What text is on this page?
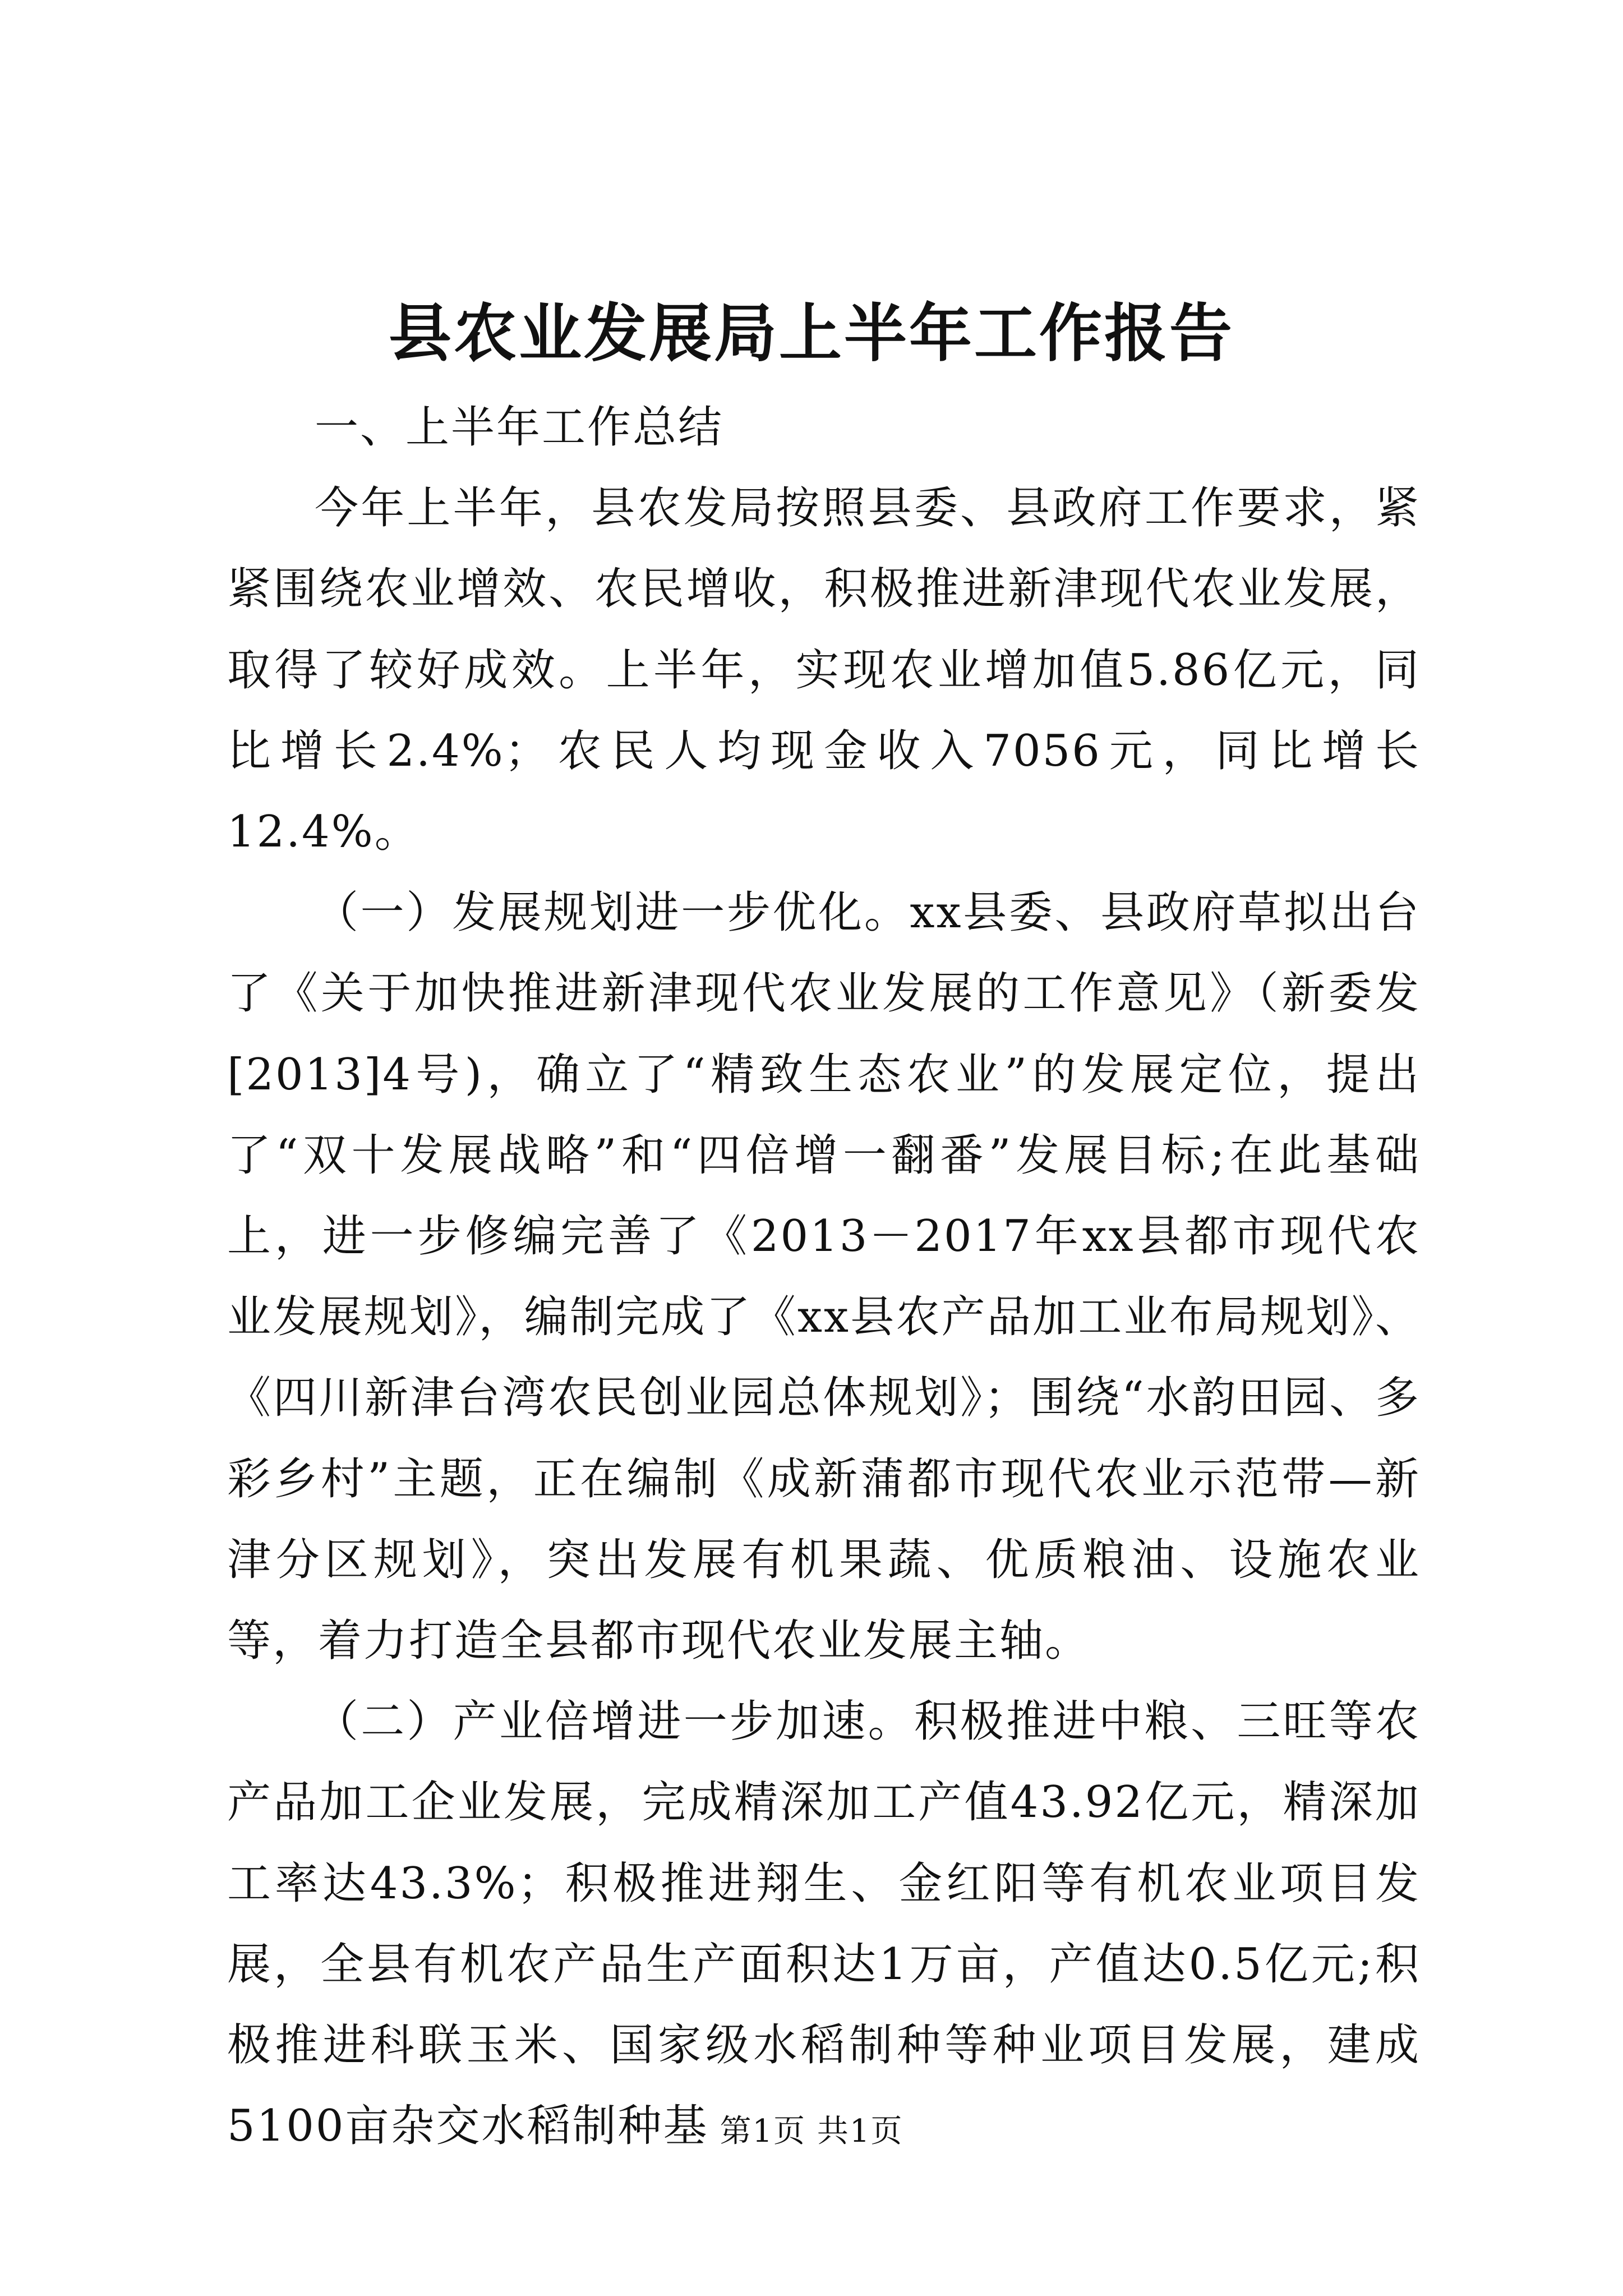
县农业发展局上半年工作报告

一、上半年工作总结

今年上半年，县农发局按照县委、县政府工作要求，紧紧围绕农业增效、农民增收，积极推进新津现代农业发展，取得了较好成效。上半年，实现农业增加值5.86亿元，同比增长2.4%；农民人均现金收入7056元，同比增长12.4%。

（一）发展规划进一步优化。xx县委、县政府草拟出台了《关于加快推进新津现代农业发展的工作意见》（新委发[2013]4号)，确立了“精致生态农业”的发展定位，提出了“双十发展战略”和“四倍增一翻番”发展目标;在此基础上，进一步修编完善了《2013－2017年xx县都市现代农业发展规划》，编制完成了《xx县农产品加工业布局规划》、《四川新津台湾农民创业园总体规划》；围绕“水韵田园、多彩乡村”主题，正在编制《成新蒲都市现代农业示范带—新津分区规划》，突出发展有机果蔬、优质粮油、设施农业等，着力打造全县都市现代农业发展主轴。

（二）产业倍增进一步加速。积极推进中粮、三旺等农产品加工企业发展，完成精深加工产值43.92亿元，精深加工率达43.3%；积极推进翔生、金红阳等有机农业项目发展，全县有机农产品生产面积达1万亩，产值达0.5亿元;积极推进科联玉米、国家级水稻制种等种业项目发展，建成5100亩杂交水稻制种基 第1页 共1页
